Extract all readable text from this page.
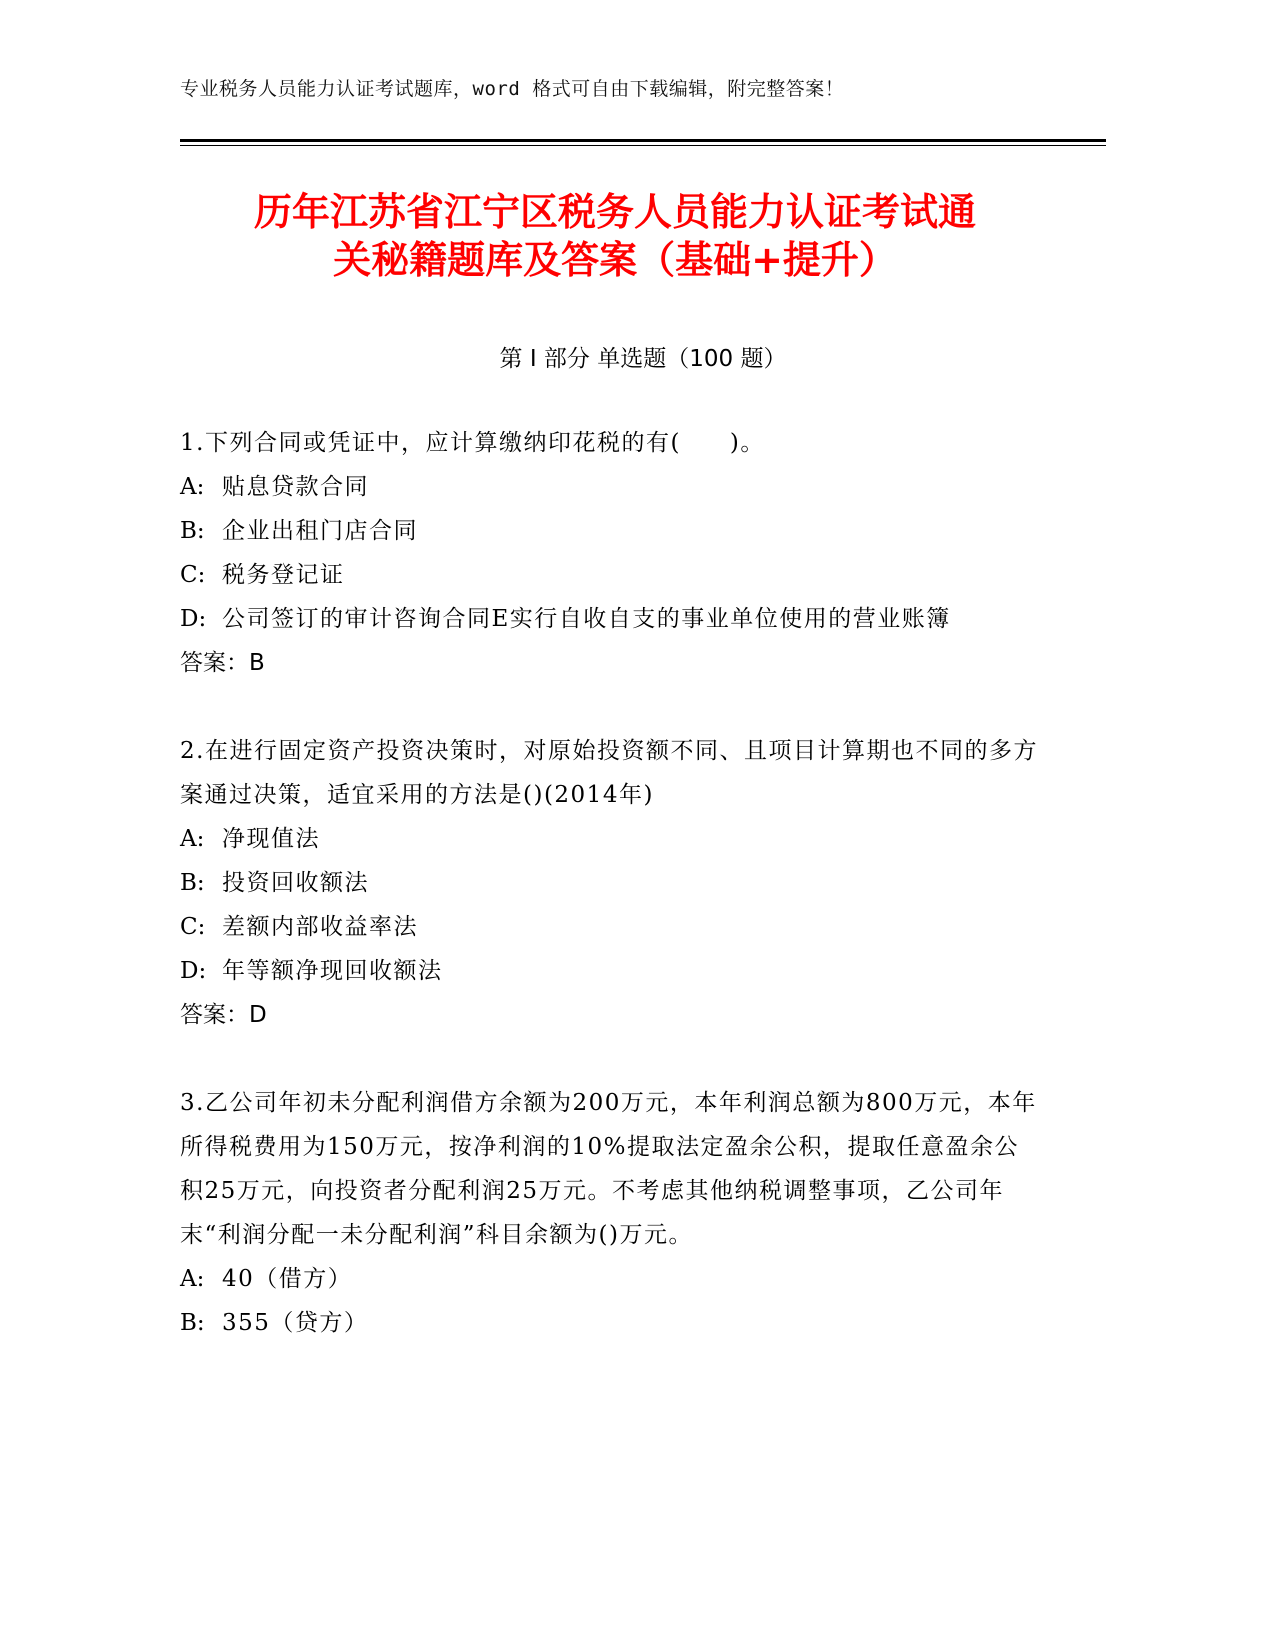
专业税务人员能力认证考试题库，word 格式可自由下载编辑，附完整答案！
历年江苏省江宁区税务人员能力认证考试通
关秘籍题库及答案（基础+提升）
第 I 部分 单选题（100 题）
1.下列合同或凭证中，应计算缴纳印花税的有(　　)。
A: 贴息贷款合同
B: 企业出租门店合同
C: 税务登记证
D: 公司签订的审计咨询合同E实行自收自支的事业单位使用的营业账簿
答案：B
2.在进行固定资产投资决策时，对原始投资额不同、且项目计算期也不同的多方案通过决策，适宜采用的方法是()(2014年)
A: 净现值法
B: 投资回收额法
C: 差额内部收益率法
D: 年等额净现回收额法
答案：D
3.乙公司年初未分配利润借方余额为200万元，本年利润总额为800万元，本年所得税费用为150万元，按净利润的10%提取法定盈余公积，提取任意盈余公积25万元，向投资者分配利润25万元。不考虑其他纳税调整事项，乙公司年末“利润分配一未分配利润”科目余额为()万元。
A: 40（借方）
B: 355（贷方）
